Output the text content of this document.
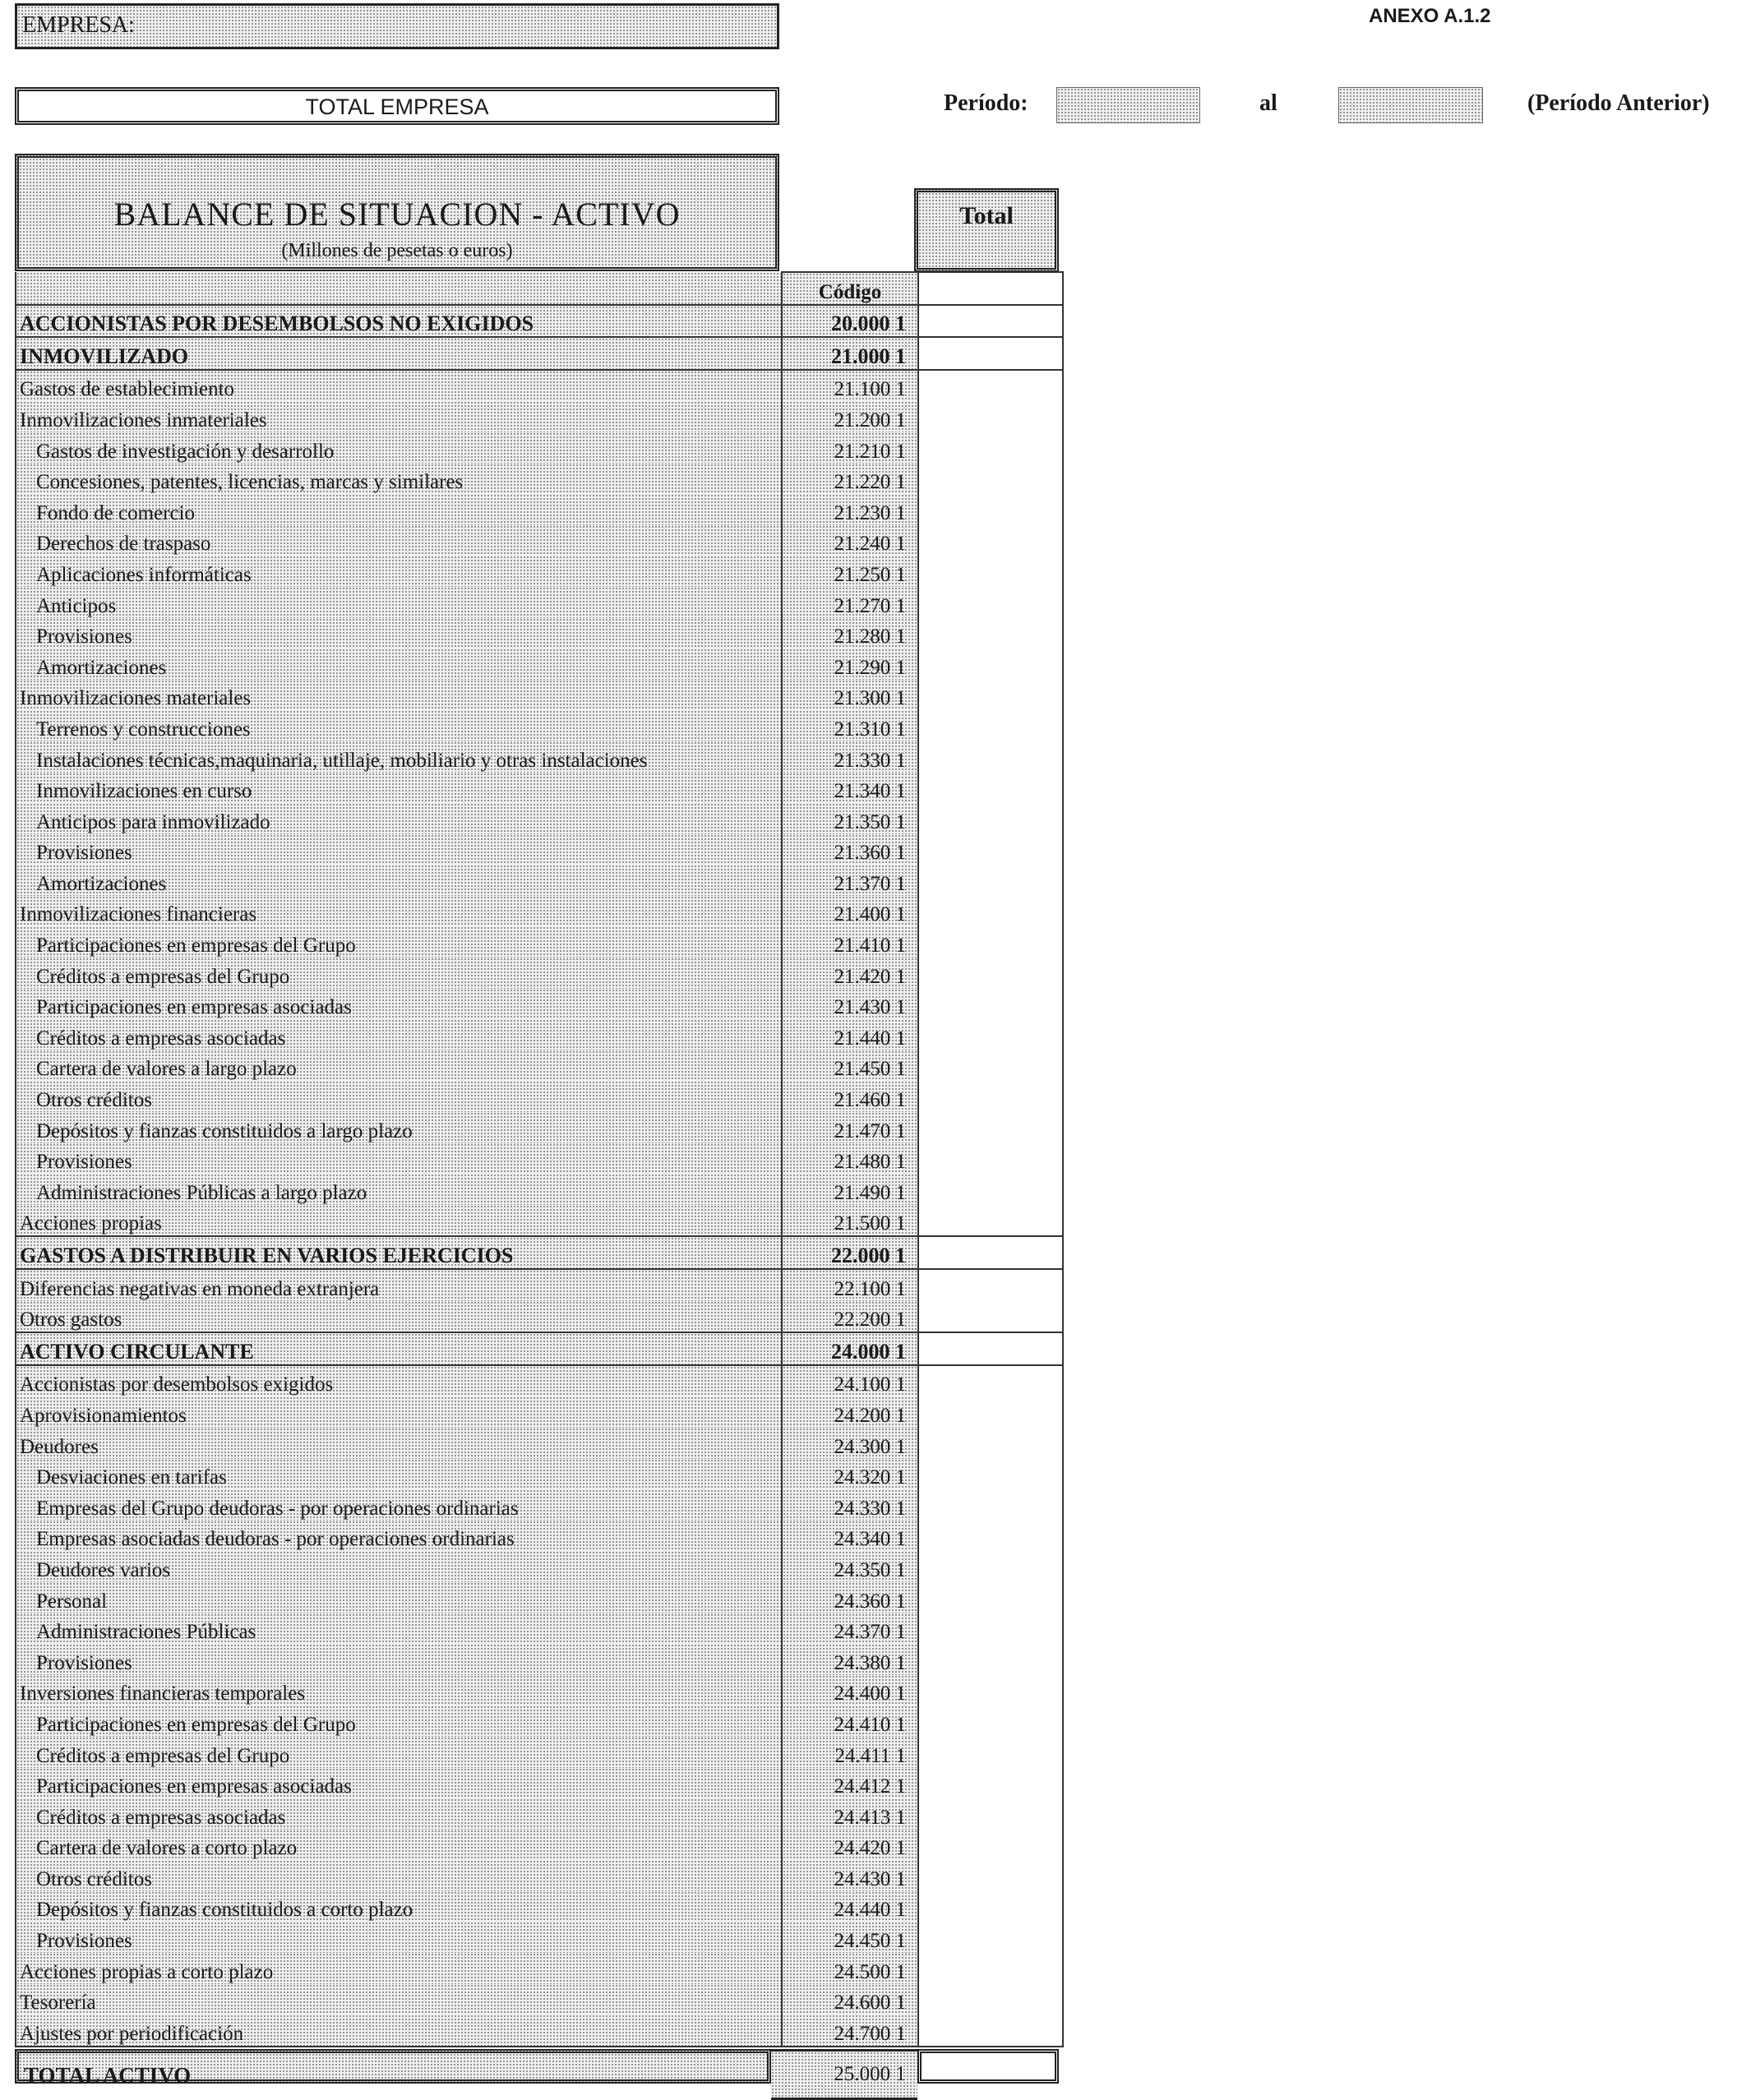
EMPRESA:	ANEXO A.1.2
TOTAL EMPRESA	Período:	al	(Período Anterior)
BALANCE DE SITUACION - ACTIVO
(Millones de pesetas o euros)
Total
	Código	
ACCIONISTAS POR DESEMBOLSOS NO EXIGIDOS	20.000 1	
INMOVILIZADO	21.000 1	
Gastos de establecimiento	21.100 1	
Inmovilizaciones inmateriales	21.200 1	
Gastos de investigación y desarrollo	21.210 1	
Concesiones, patentes, licencias, marcas y similares	21.220 1	
Fondo de comercio	21.230 1	
Derechos de traspaso	21.240 1	
Aplicaciones informáticas	21.250 1	
Anticipos	21.270 1	
Provisiones	21.280 1	
Amortizaciones	21.290 1	
Inmovilizaciones materiales	21.300 1	
Terrenos y construcciones	21.310 1	
Instalaciones técnicas,maquinaria, utillaje, mobiliario y otras instalaciones	21.330 1	
Inmovilizaciones en curso	21.340 1	
Anticipos para inmovilizado	21.350 1	
Provisiones	21.360 1	
Amortizaciones	21.370 1	
Inmovilizaciones financieras	21.400 1	
Participaciones en empresas del Grupo	21.410 1	
Créditos a empresas del Grupo	21.420 1	
Participaciones en empresas asociadas	21.430 1	
Créditos a empresas asociadas	21.440 1	
Cartera de valores a largo plazo	21.450 1	
Otros créditos	21.460 1	
Depósitos y fianzas constituidos a largo plazo	21.470 1	
Provisiones	21.480 1	
Administraciones Públicas a largo plazo	21.490 1	
Acciones propias	21.500 1	
GASTOS A DISTRIBUIR EN VARIOS EJERCICIOS	22.000 1	
Diferencias negativas en moneda extranjera	22.100 1	
Otros gastos	22.200 1	
ACTIVO CIRCULANTE	24.000 1	
Accionistas por desembolsos exigidos	24.100 1	
Aprovisionamientos	24.200 1	
Deudores	24.300 1	
Desviaciones en tarifas	24.320 1	
Empresas del Grupo deudoras - por operaciones ordinarias	24.330 1	
Empresas asociadas deudoras - por operaciones ordinarias	24.340 1	
Deudores varios	24.350 1	
Personal	24.360 1	
Administraciones Públicas	24.370 1	
Provisiones	24.380 1	
Inversiones financieras temporales	24.400 1	
Participaciones en empresas del Grupo	24.410 1	
Créditos a empresas del Grupo	24.411 1	
Participaciones en empresas asociadas	24.412 1	
Créditos a empresas asociadas	24.413 1	
Cartera de valores a corto plazo	24.420 1	
Otros créditos	24.430 1	
Depósitos y fianzas constituidos a corto plazo	24.440 1	
Provisiones	24.450 1	
Acciones propias a corto plazo	24.500 1	
Tesorería	24.600 1	
Ajustes por periodificación	24.700 1	
TOTAL ACTIVO	25.000 1
